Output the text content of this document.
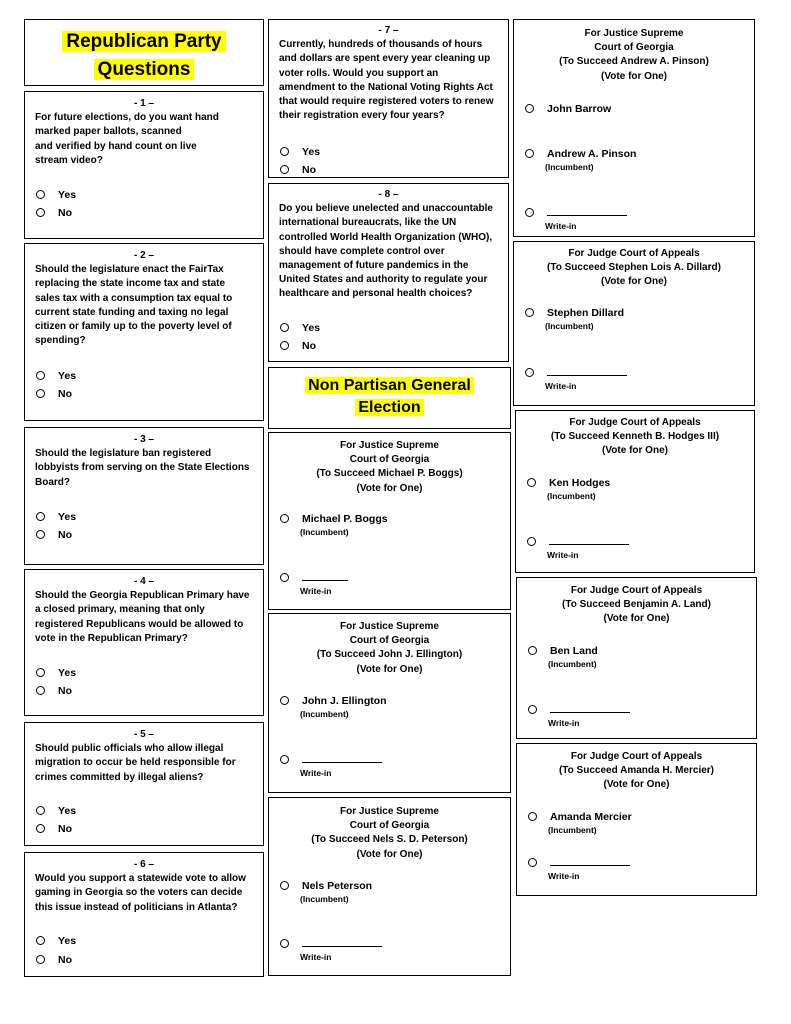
Republican Party
Questions
- 1 –
For future elections, do you want hand
marked paper ballots, scanned
and verified by hand count on live
stream video?
Yes
No
- 2 –
Should the legislature enact the FairTax
replacing the state income tax and state
sales tax with a consumption tax equal to
current state funding and taxing no legal
citizen or family up to the poverty level of
spending?
Yes
No
- 3 –
Should the legislature ban registered
lobbyists from serving on the State Elections
Board?
Yes
No
- 4 –
Should the Georgia Republican Primary have
a closed primary, meaning that only
registered Republicans would be allowed to
vote in the Republican Primary?
Yes
No
- 5 –
Should public officials who allow illegal
migration to occur be held responsible for
crimes committed by illegal aliens?
Yes
No
- 6 –
Would you support a statewide vote to allow
gaming in Georgia so the voters can decide
this issue instead of politicians in Atlanta?
Yes
No
- 7 –
Currently, hundreds of thousands of hours
and dollars are spent every year cleaning up
voter rolls. Would you support an
amendment to the National Voting Rights Act
that would require registered voters to renew
their registration every four years?
Yes
No
- 8 –
Do you believe unelected and unaccountable
international bureaucrats, like the UN
controlled World Health Organization (WHO),
should have complete control over
management of future pandemics in the
United States and authority to regulate your
healthcare and personal health choices?
Yes
No
Non Partisan General
Election
For Justice Supreme
Court of Georgia
(To Succeed Michael P. Boggs)
(Vote for One)
Michael P. Boggs
(Incumbent)
Write-in
For Justice Supreme
Court of Georgia
(To Succeed John J. Ellington)
(Vote for One)
John J. Ellington
(Incumbent)
Write-in
For Justice Supreme
Court of Georgia
(To Succeed Nels S. D. Peterson)
(Vote for One)
Nels Peterson
(Incumbent)
Write-in
For Justice Supreme
Court of Georgia
(To Succeed Andrew A. Pinson)
(Vote for One)
John Barrow
Andrew A. Pinson
(Incumbent)
Write-in
For Judge Court of Appeals
(To Succeed Stephen Lois A. Dillard)
(Vote for One)
Stephen Dillard
(Incumbent)
Write-in
For Judge Court of Appeals
(To Succeed Kenneth B. Hodges III)
(Vote for One)
Ken Hodges
(Incumbent)
Write-in
For Judge Court of Appeals
(To Succeed Benjamin A. Land)
(Vote for One)
Ben Land
(Incumbent)
Write-in
For Judge Court of Appeals
(To Succeed Amanda H. Mercier)
(Vote for One)
Amanda Mercier
(Incumbent)
Write-in
